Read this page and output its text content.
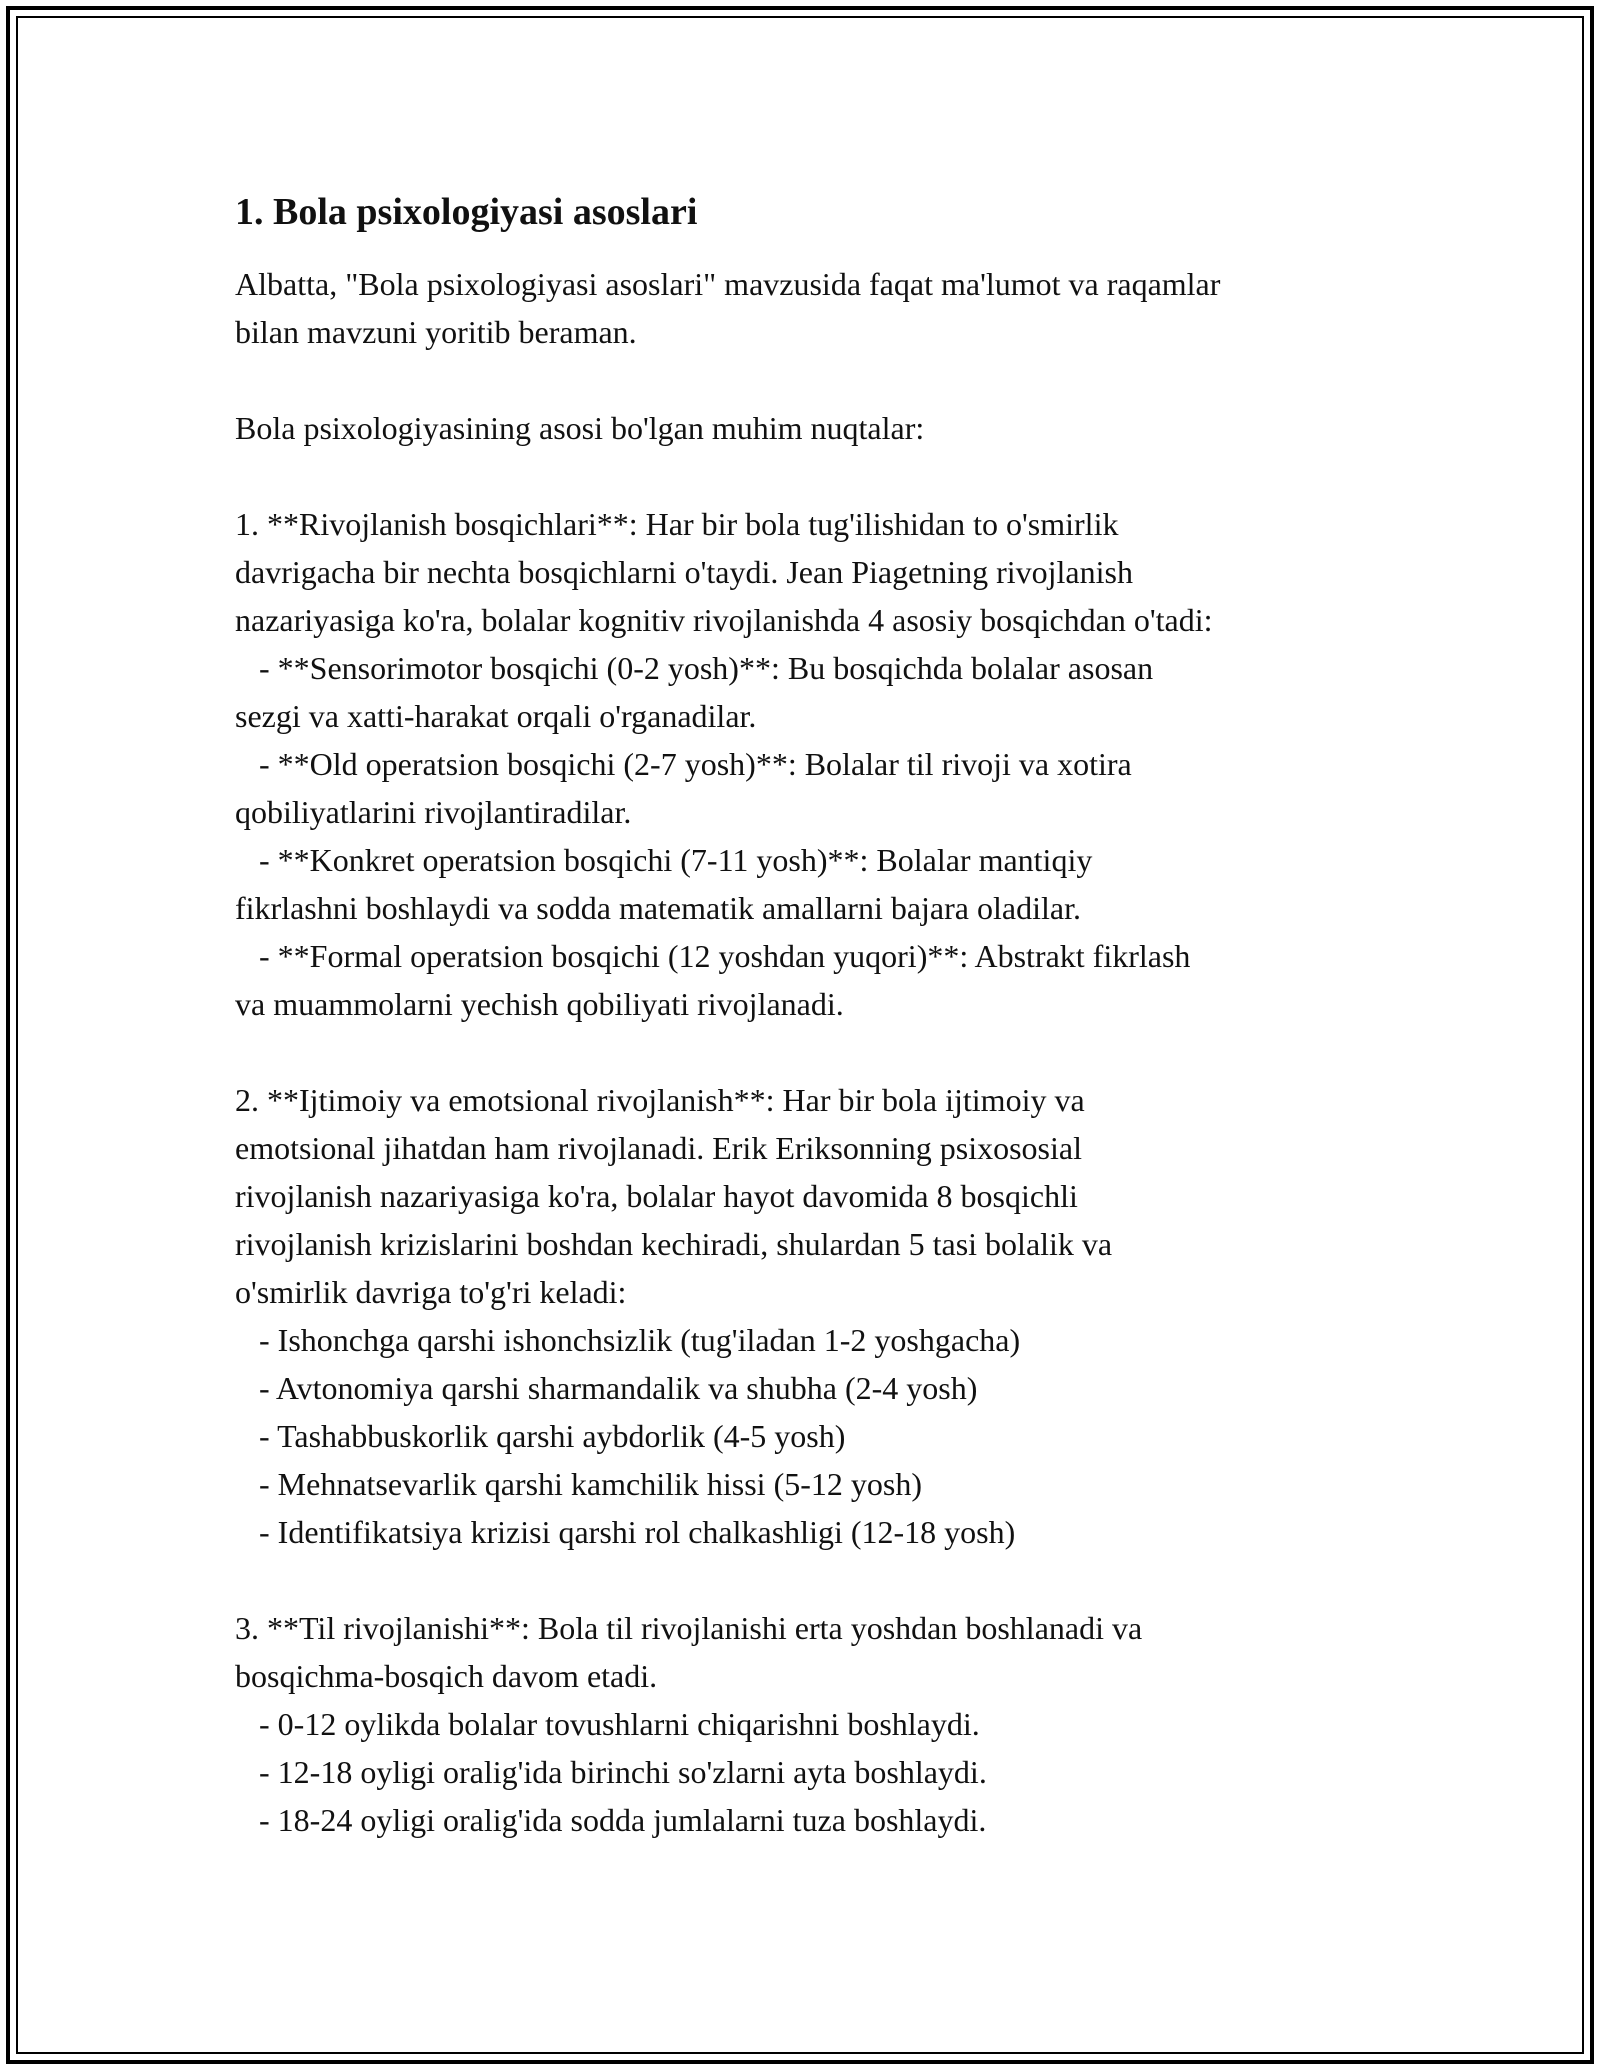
1. Bola psixologiyasi asoslari

Albatta, "Bola psixologiyasi asoslari" mavzusida faqat ma'lumot va raqamlar
bilan mavzuni yoritib beraman.

Bola psixologiyasining asosi bo'lgan muhim nuqtalar:

1. **Rivojlanish bosqichlari**: Har bir bola tug'ilishidan to o'smirlik
davrigacha bir nechta bosqichlarni o'taydi. Jean Piagetning rivojlanish
nazariyasiga ko'ra, bolalar kognitiv rivojlanishda 4 asosiy bosqichdan o'tadi:
- **Sensorimotor bosqichi (0-2 yosh)**: Bu bosqichda bolalar asosan
sezgi va xatti-harakat orqali o'rganadilar.
- **Old operatsion bosqichi (2-7 yosh)**: Bolalar til rivoji va xotira
qobiliyatlarini rivojlantiradilar.
- **Konkret operatsion bosqichi (7-11 yosh)**: Bolalar mantiqiy
fikrlashni boshlaydi va sodda matematik amallarni bajara oladilar.
- **Formal operatsion bosqichi (12 yoshdan yuqori)**: Abstrakt fikrlash
va muammolarni yechish qobiliyati rivojlanadi.

2. **Ijtimoiy va emotsional rivojlanish**: Har bir bola ijtimoiy va
emotsional jihatdan ham rivojlanadi. Erik Eriksonning psixososial
rivojlanish nazariyasiga ko'ra, bolalar hayot davomida 8 bosqichli
rivojlanish krizislarini boshdan kechiradi, shulardan 5 tasi bolalik va
o'smirlik davriga to'g'ri keladi:
- Ishonchga qarshi ishonchsizlik (tug'iladan 1-2 yoshgacha)
- Avtonomiya qarshi sharmandalik va shubha (2-4 yosh)
- Tashabbuskorlik qarshi aybdorlik (4-5 yosh)
- Mehnatsevarlik qarshi kamchilik hissi (5-12 yosh)
- Identifikatsiya krizisi qarshi rol chalkashligi (12-18 yosh)

3. **Til rivojlanishi**: Bola til rivojlanishi erta yoshdan boshlanadi va
bosqichma-bosqich davom etadi.
- 0-12 oylikda bolalar tovushlarni chiqarishni boshlaydi.
- 12-18 oyligi oralig'ida birinchi so'zlarni ayta boshlaydi.
- 18-24 oyligi oralig'ida sodda jumlalarni tuza boshlaydi.
